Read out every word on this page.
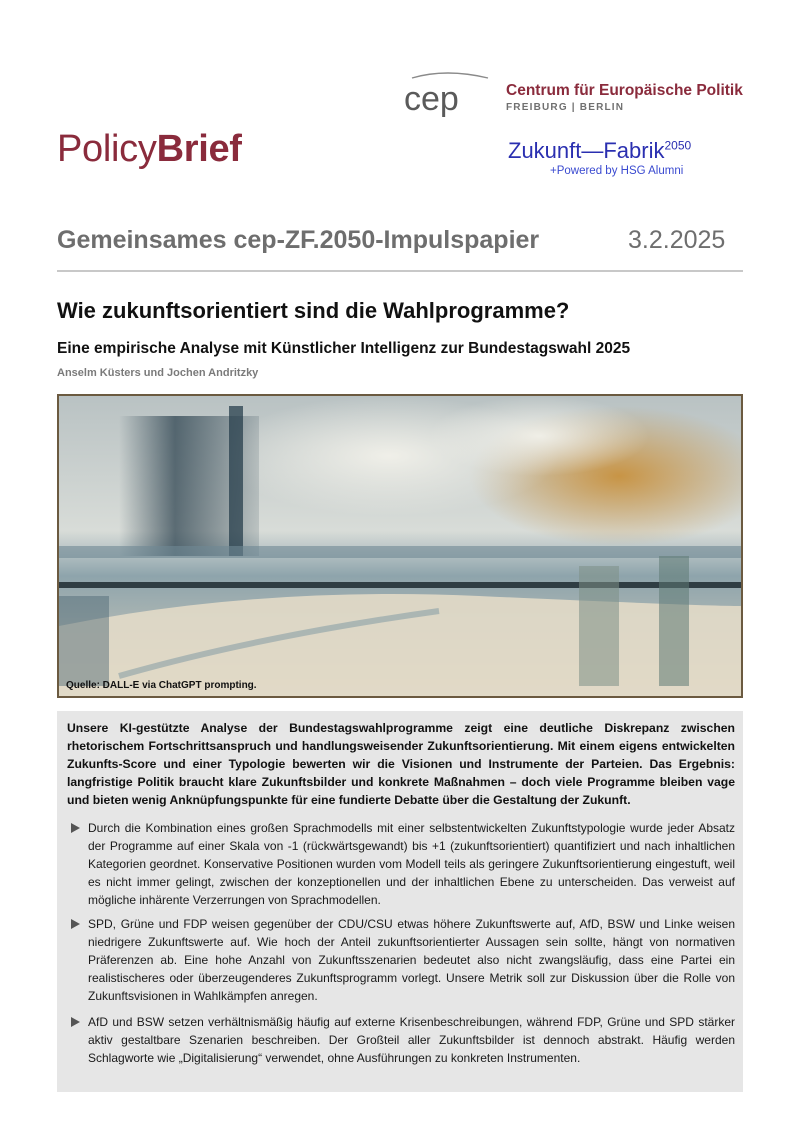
cep	Centrum für Europäische Politik
FREIBURG | BERLIN
PolicyBrief	Zukunft—Fabrik$^{2050}$
+Powered by HSG Alumni
Gemeinsames cep-ZF.2050-Impulspapier	3.2.2025
Wie zukunftsorientiert sind die Wahlprogramme?
Eine empirische Analyse mit Künstlicher Intelligenz zur Bundestagswahl 2025
Anselm Küsters und Jochen Andritzky
Quelle: DALL-E via ChatGPT prompting.
Unsere KI-gestützte Analyse der Bundestagswahlprogramme zeigt eine deutliche Diskrepanz zwischen rhetorischem Fortschrittsanspruch und handlungsweisender Zukunftsorientierung. Mit einem eigens entwickelten Zukunfts-Score und einer Typologie bewerten wir die Visionen und Instrumente der Parteien. Das Ergebnis: langfristige Politik braucht klare Zukunftsbilder und konkrete Maßnahmen – doch viele Programme bleiben vage und bieten wenig Anknüpfungspunkte für eine fundierte Debatte über die Gestaltung der Zukunft.
Durch die Kombination eines großen Sprachmodells mit einer selbstentwickelten Zukunftstypologie wurde jeder Absatz der Programme auf einer Skala von -1 (rückwärtsgewandt) bis +1 (zukunftsorientiert) quantifiziert und nach inhaltlichen Kategorien geordnet. Konservative Positionen wurden vom Modell teils als geringere Zukunftsorientierung eingestuft, weil es nicht immer gelingt, zwischen der konzeptionellen und der inhaltlichen Ebene zu unterscheiden. Das verweist auf mögliche inhärente Verzerrungen von Sprachmodellen.
SPD, Grüne und FDP weisen gegenüber der CDU/CSU etwas höhere Zukunftswerte auf, AfD, BSW und Linke weisen niedrigere Zukunftswerte auf. Wie hoch der Anteil zukunftsorientierter Aussagen sein sollte, hängt von normativen Präferenzen ab. Eine hohe Anzahl von Zukunftsszenarien bedeutet also nicht zwangsläufig, dass eine Partei ein realistischeres oder überzeugenderes Zukunftsprogramm vorlegt. Unsere Metrik soll zur Diskussion über die Rolle von Zukunftsvisionen in Wahlkämpfen anregen.
AfD und BSW setzen verhältnismäßig häufig auf externe Krisenbeschreibungen, während FDP, Grüne und SPD stärker aktiv gestaltbare Szenarien beschreiben. Der Großteil aller Zukunftsbilder ist dennoch abstrakt. Häufig werden Schlagworte wie „Digitalisierung“ verwendet, ohne Ausführungen zu konkreten Instrumenten.
